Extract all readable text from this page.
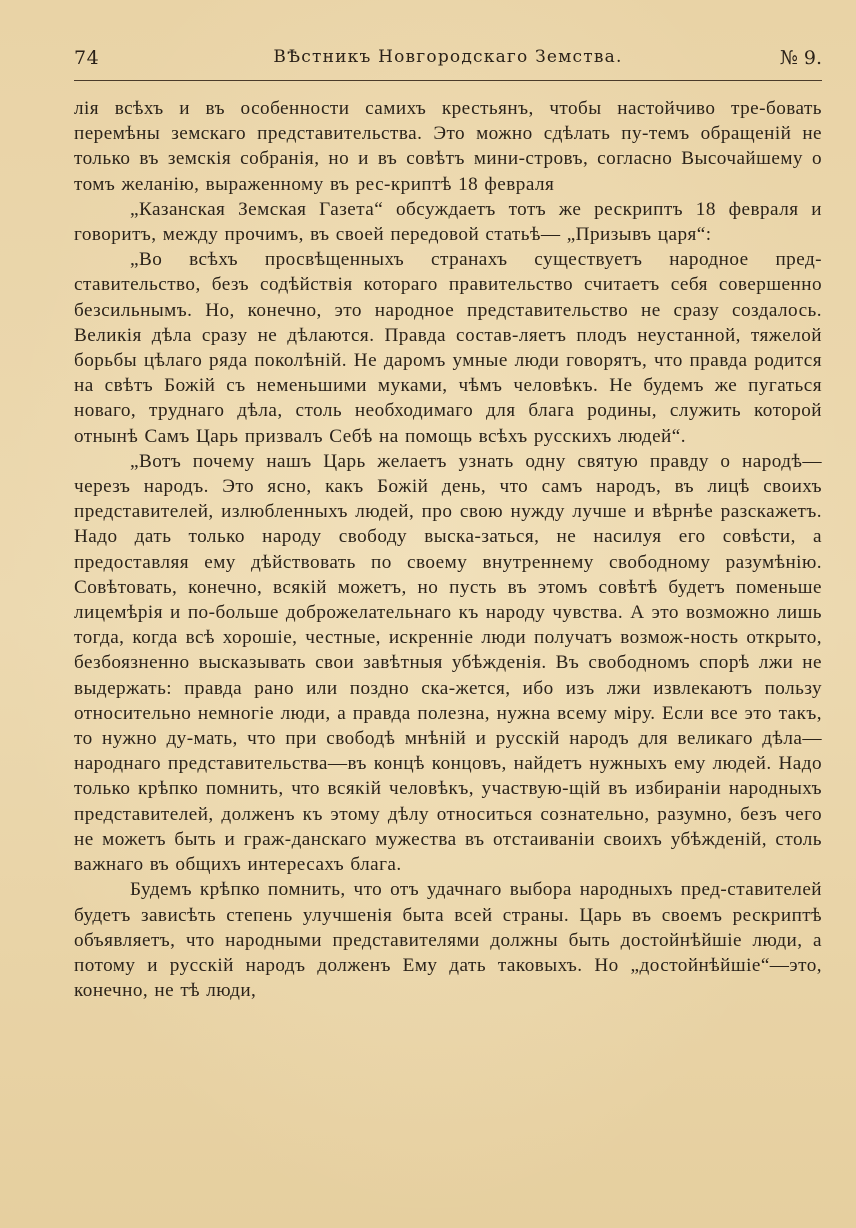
74	ВѢстникъ Новгородскаго Земства.	№ 9.

лія всѣхъ и въ особенности самихъ крестьянъ, чтобы настойчиво тре-бовать перемѣны земскаго представительства. Это можно сдѣлать пу-темъ обращеній не только въ земскія собранія, но и въ совѣтъ мини-стровъ, согласно Высочайшему о томъ желанію, выраженному въ рес-криптѣ 18 февраля

„Казанская Земская Газета“ обсуждаетъ тотъ же рескриптъ 18 февраля и говоритъ, между прочимъ, въ своей передовой статьѣ— „Призывъ царя“:

„Во всѣхъ просвѣщенныхъ странахъ существуетъ народное пред-ставительство, безъ содѣйствія котораго правительство считаетъ себя совершенно безсильнымъ. Но, конечно, это народное представительство не сразу создалось. Великія дѣла сразу не дѣлаются. Правда состав-ляетъ плодъ неустанной, тяжелой борьбы цѣлаго ряда поколѣній. Не даромъ умные люди говорятъ, что правда родится на свѣтъ Божій съ неменьшими муками, чѣмъ человѣкъ. Не будемъ же пугаться новаго, труднаго дѣла, столь необходимаго для блага родины, служить которой отнынѣ Самъ Царь призвалъ Себѣ на помощь всѣхъ русскихъ людей“.

„Вотъ почему нашъ Царь желаетъ узнать одну святую правду о народѣ—черезъ народъ. Это ясно, какъ Божій день, что самъ народъ, въ лицѣ своихъ представителей, излюбленныхъ людей, про свою нужду лучше и вѣрнѣе разскажетъ. Надо дать только народу свободу выска-заться, не насилуя его совѣсти, а предоставляя ему дѣйствовать по своему внутреннему свободному разумѣнію. Совѣтовать, конечно, всякій можетъ, но пусть въ этомъ совѣтѣ будетъ поменьше лицемѣрія и по-больше доброжелательнаго къ народу чувства. А это возможно лишь тогда, когда всѣ хорошіе, честные, искренніе люди получатъ возмож-ность открыто, безбоязненно высказывать свои завѣтныя убѣжденія. Въ свободномъ спорѣ лжи не выдержать: правда рано или поздно ска-жется, ибо изъ лжи извлекаютъ пользу относительно немногіе люди, а правда полезна, нужна всему міру. Если все это такъ, то нужно ду-мать, что при свободѣ мнѣній и русскій народъ для великаго дѣла— народнаго представительства—въ концѣ концовъ, найдетъ нужныхъ ему людей. Надо только крѣпко помнить, что всякій человѣкъ, участвую-щій въ избираніи народныхъ представителей, долженъ къ этому дѣлу относиться сознательно, разумно, безъ чего не можетъ быть и граж-данскаго мужества въ отстаиваніи своихъ убѣжденій, столь важнаго въ общихъ интересахъ блага.

Будемъ крѣпко помнить, что отъ удачнаго выбора народныхъ пред-ставителей будетъ зависѣть степень улучшенія быта всей страны. Царь въ своемъ рескриптѣ объявляетъ, что народными представителями должны быть достойнѣйшіе люди, а потому и русскій народъ долженъ Ему дать таковыхъ. Но „достойнѣйшіе“—это, конечно, не тѣ люди,
